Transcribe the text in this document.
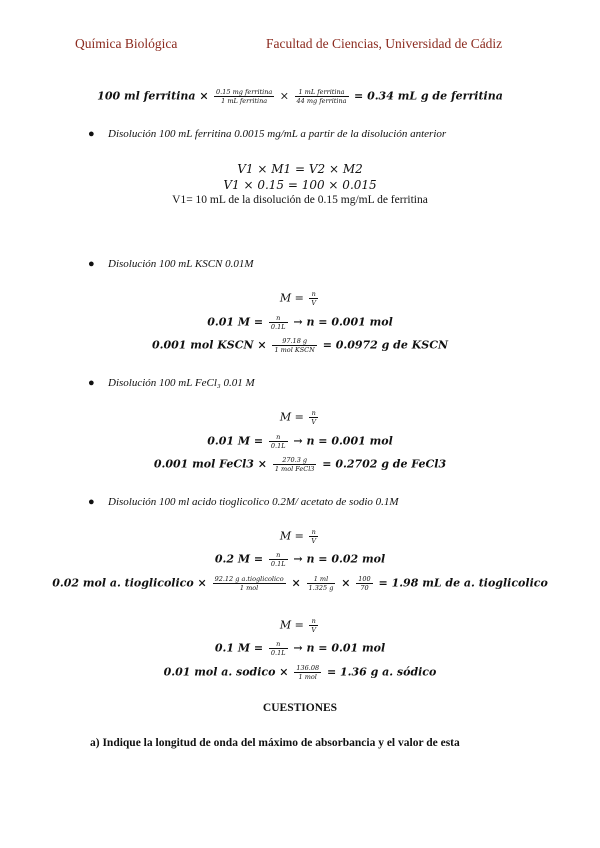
Química Biológica	Facultad de Ciencias, Universidad de Cádiz
100 ml ferritina × $\frac{\text{0.15 mg ferritina}}{\text{1 mL ferritina}} \times \frac{\text{1 mL ferritina}}{\text{44 mg ferritina}} = 0.34$ mL g de ferritina
● Disolución 100 mL ferritina 0.0015 mg/mL a partir de la disolución anterior
V1 × M1 = V2 × M2
V1 × 0.15 = 100 × 0.015
V1= 10 mL de la disolución de 0.15 mg/mL de ferritina
● Disolución 100 mL KSCN 0.01M
$M = \frac{n}{V}$
0.01 $M = \frac{n}{0.1L} \to n = 0.001$ mol
0.001 mol KSCN × $\frac{97.18 g}{\text{1 mol KSCN}} = 0.0972$ g de KSCN
● Disolución 100 mL FeCl₃ 0.01 M
$M = \frac{n}{V}$
0.01 $M = \frac{n}{0.1L} \to n = 0.001$ mol
0.001 mol FeCl3 × $\frac{270.3 g}{\text{1 mol FeCl3}} = 0.2702$ g de FeCl3
● Disolución 100 ml acido tioglicolico 0.2M/ acetato de sodio 0.1M
$M = \frac{n}{V}$
0.2 $M = \frac{n}{0.1L} \to n = 0.02$ mol
0.02 mol a. tioglicolico × $\frac{\text{92.12 g a.tioglicolico}}{\text{1 mol}} \times \frac{1 ml}{1.325 g} \times \frac{100}{70} = 1.98$ mL de a. tioglicolico
$M = \frac{n}{V}$
0.1 $M = \frac{n}{0.1L} \to n = 0.01$ mol
0.01 mol a. sodico × $\frac{136.08}{\text{1 mol}} = 1.36$ g a. sódico
CUESTIONES
a) Indique la longitud de onda del máximo de absorbancia y el valor de esta
